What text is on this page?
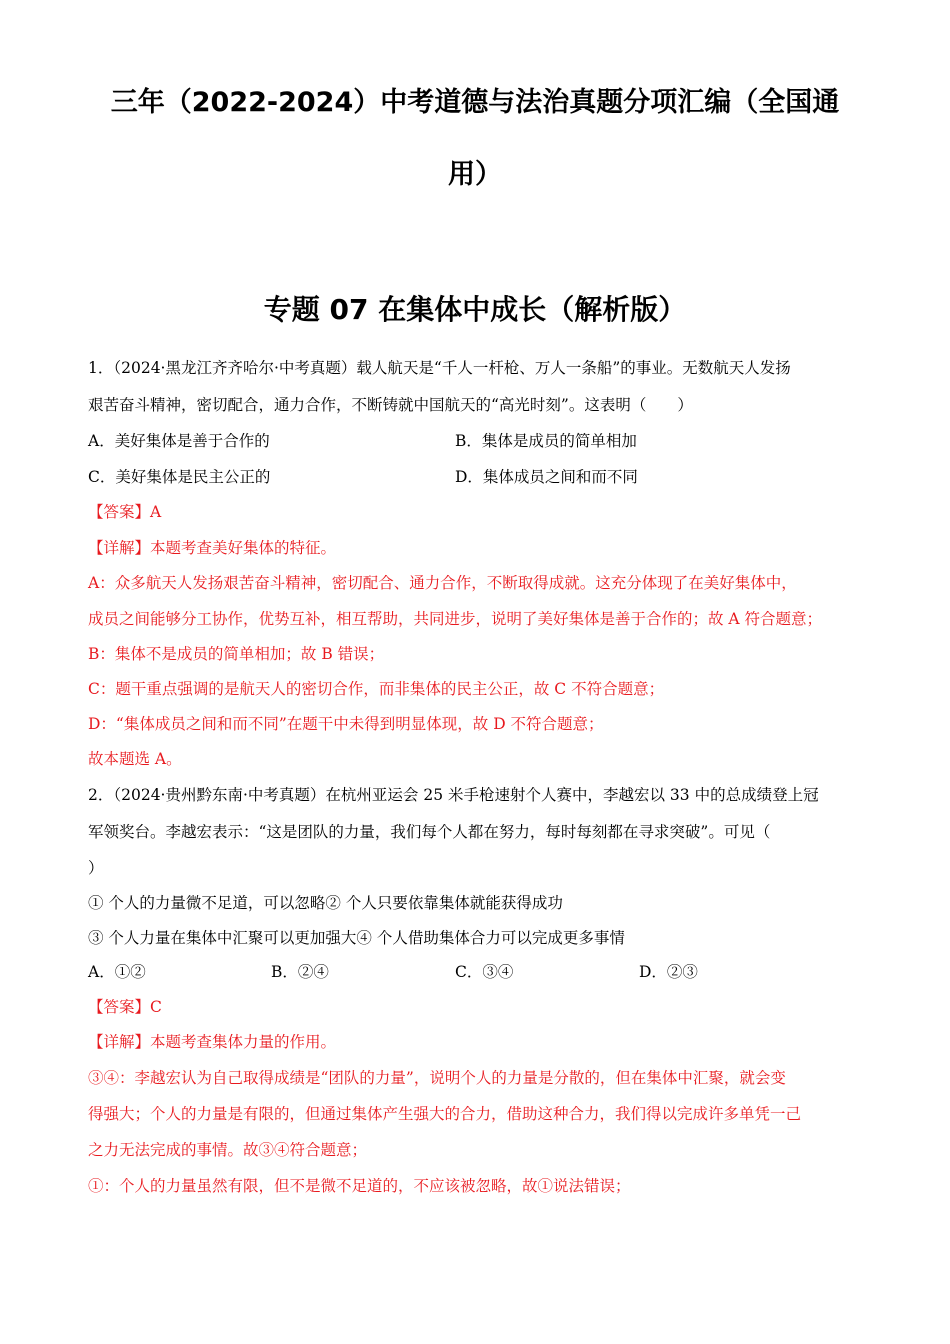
三年（2022-2024）中考道德与法治真题分项汇编（全国通
用）
专题 07 在集体中成长（解析版）
1．（2024·黑龙江齐齐哈尔·中考真题）载人航天是“千人一杆枪、万人一条船”的事业。无数航天人发扬
艰苦奋斗精神，密切配合，通力合作，不断铸就中国航天的“高光时刻”。这表明（　　）
A．美好集体是善于合作的	B．集体是成员的简单相加
C．美好集体是民主公正的	D．集体成员之间和而不同
【答案】A
【详解】本题考查美好集体的特征。
A：众多航天人发扬艰苦奋斗精神，密切配合、通力合作，不断取得成就。这充分体现了在美好集体中，
成员之间能够分工协作，优势互补，相互帮助，共同进步，说明了美好集体是善于合作的；故 A 符合题意；
B：集体不是成员的简单相加；故 B 错误；
C：题干重点强调的是航天人的密切合作，而非集体的民主公正，故 C 不符合题意；
D：“集体成员之间和而不同”在题干中未得到明显体现，故 D 不符合题意；
故本题选 A。
2．（2024·贵州黔东南·中考真题）在杭州亚运会 25 米手枪速射个人赛中，李越宏以 33 中的总成绩登上冠
军领奖台。李越宏表示：“这是团队的力量，我们每个人都在努力，每时每刻都在寻求突破”。可见（
）
① 个人的力量微不足道，可以忽略② 个人只要依靠集体就能获得成功
③ 个人力量在集体中汇聚可以更加强大④ 个人借助集体合力可以完成更多事情
A．①②	B．②④	C．③④	D．②③
【答案】C
【详解】本题考查集体力量的作用。
③④：李越宏认为自己取得成绩是“团队的力量”，说明个人的力量是分散的，但在集体中汇聚，就会变
得强大；个人的力量是有限的，但通过集体产生强大的合力，借助这种合力，我们得以完成许多单凭一己
之力无法完成的事情。故③④符合题意；
①：个人的力量虽然有限，但不是微不足道的，不应该被忽略，故①说法错误；
